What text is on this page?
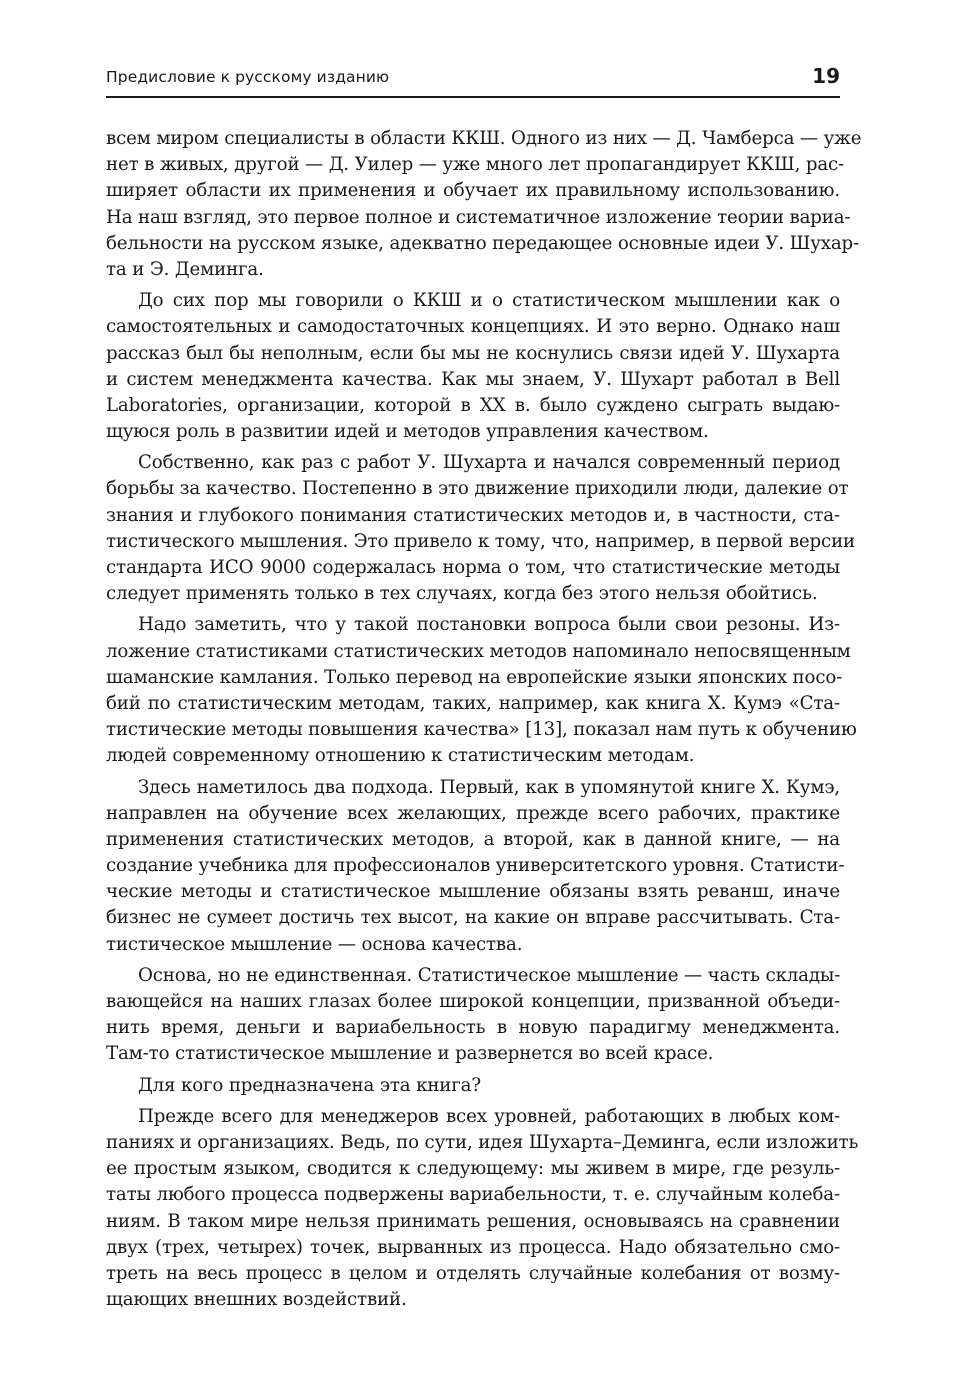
Предисловие к русскому изданию	19
всем миром специалисты в области ККШ. Одного из них — Д. Чамберса — уже
нет в живых, другой — Д. Уилер — уже много лет пропагандирует ККШ, рас-
ширяет области их применения и обучает их правильному использованию.
На наш взгляд, это первое полное и систематичное изложение теории вариа-
бельности на русском языке, адекватно передающее основные идеи У. Шухар-
та и Э. Деминга.
До сих пор мы говорили о ККШ и о статистическом мышлении как о
самостоятельных и самодостаточных концепциях. И это верно. Однако наш
рассказ был бы неполным, если бы мы не коснулись связи идей У. Шухарта
и систем менеджмента качества. Как мы знаем, У. Шухарт работал в Bell
Laboratories, организации, которой в XX в. было суждено сыграть выдаю-
щуюся роль в развитии идей и методов управления качеством.
Собственно, как раз с работ У. Шухарта и начался современный период
борьбы за качество. Постепенно в это движение приходили люди, далекие от
знания и глубокого понимания статистических методов и, в частности, ста-
тистического мышления. Это привело к тому, что, например, в первой версии
стандарта ИСО 9000 содержалась норма о том, что статистические методы
следует применять только в тех случаях, когда без этого нельзя обойтись.
Надо заметить, что у такой постановки вопроса были свои резоны. Из-
ложение статистиками статистических методов напоминало непосвященным
шаманские камлания. Только перевод на европейские языки японских посо-
бий по статистическим методам, таких, например, как книга Х. Кумэ «Ста-
тистические методы повышения качества» [13], показал нам путь к обучению
людей современному отношению к статистическим методам.
Здесь наметилось два подхода. Первый, как в упомянутой книге Х. Кумэ,
направлен на обучение всех желающих, прежде всего рабочих, практике
применения статистических методов, а второй, как в данной книге, — на
создание учебника для профессионалов университетского уровня. Статисти-
ческие методы и статистическое мышление обязаны взять реванш, иначе
бизнес не сумеет достичь тех высот, на какие он вправе рассчитывать. Ста-
тистическое мышление — основа качества.
Основа, но не единственная. Статистическое мышление — часть склады-
вающейся на наших глазах более широкой концепции, призванной объеди-
нить время, деньги и вариабельность в новую парадигму менеджмента.
Там-то статистическое мышление и развернется во всей красе.
Для кого предназначена эта книга?
Прежде всего для менеджеров всех уровней, работающих в любых ком-
паниях и организациях. Ведь, по сути, идея Шухарта–Деминга, если изложить
ее простым языком, сводится к следующему: мы живем в мире, где резуль-
таты любого процесса подвержены вариабельности, т. е. случайным колеба-
ниям. В таком мире нельзя принимать решения, основываясь на сравнении
двух (трех, четырех) точек, вырванных из процесса. Надо обязательно смо-
треть на весь процесс в целом и отделять случайные колебания от возму-
щающих внешних воздействий.
